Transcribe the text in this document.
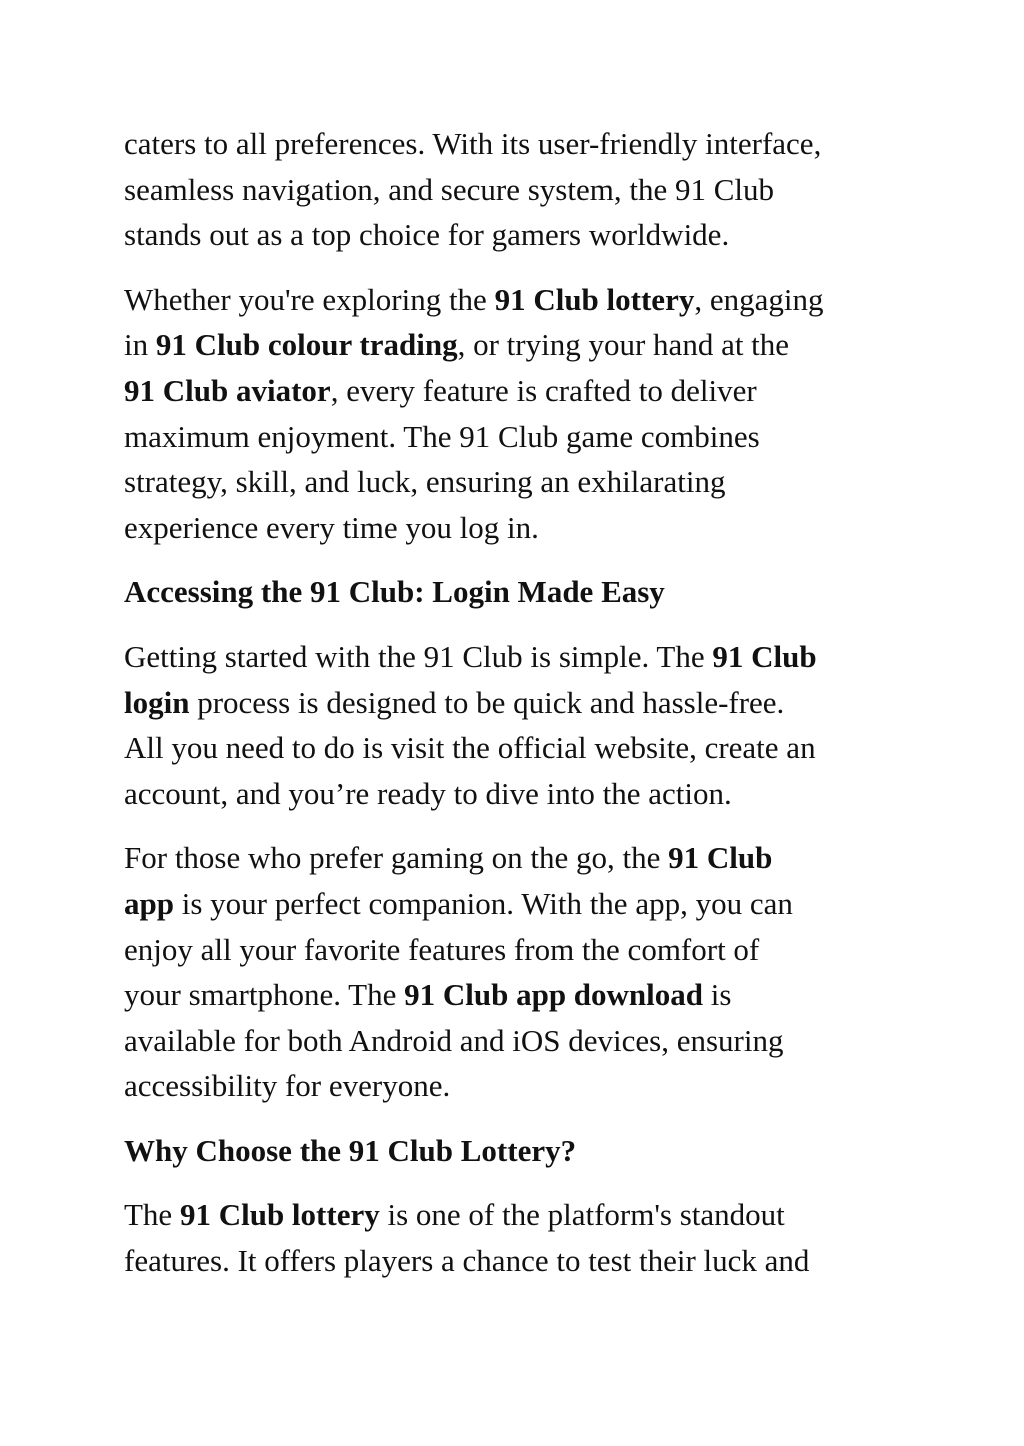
caters to all preferences. With its user-friendly interface,
seamless navigation, and secure system, the 91 Club
stands out as a top choice for gamers worldwide.
Whether you're exploring the 91 Club lottery, engaging
in 91 Club colour trading, or trying your hand at the
91 Club aviator, every feature is crafted to deliver
maximum enjoyment. The 91 Club game combines
strategy, skill, and luck, ensuring an exhilarating
experience every time you log in.
Accessing the 91 Club: Login Made Easy
Getting started with the 91 Club is simple. The 91 Club
login process is designed to be quick and hassle-free.
All you need to do is visit the official website, create an
account, and you’re ready to dive into the action.
For those who prefer gaming on the go, the 91 Club
app is your perfect companion. With the app, you can
enjoy all your favorite features from the comfort of
your smartphone. The 91 Club app download is
available for both Android and iOS devices, ensuring
accessibility for everyone.
Why Choose the 91 Club Lottery?
The 91 Club lottery is one of the platform's standout
features. It offers players a chance to test their luck and
